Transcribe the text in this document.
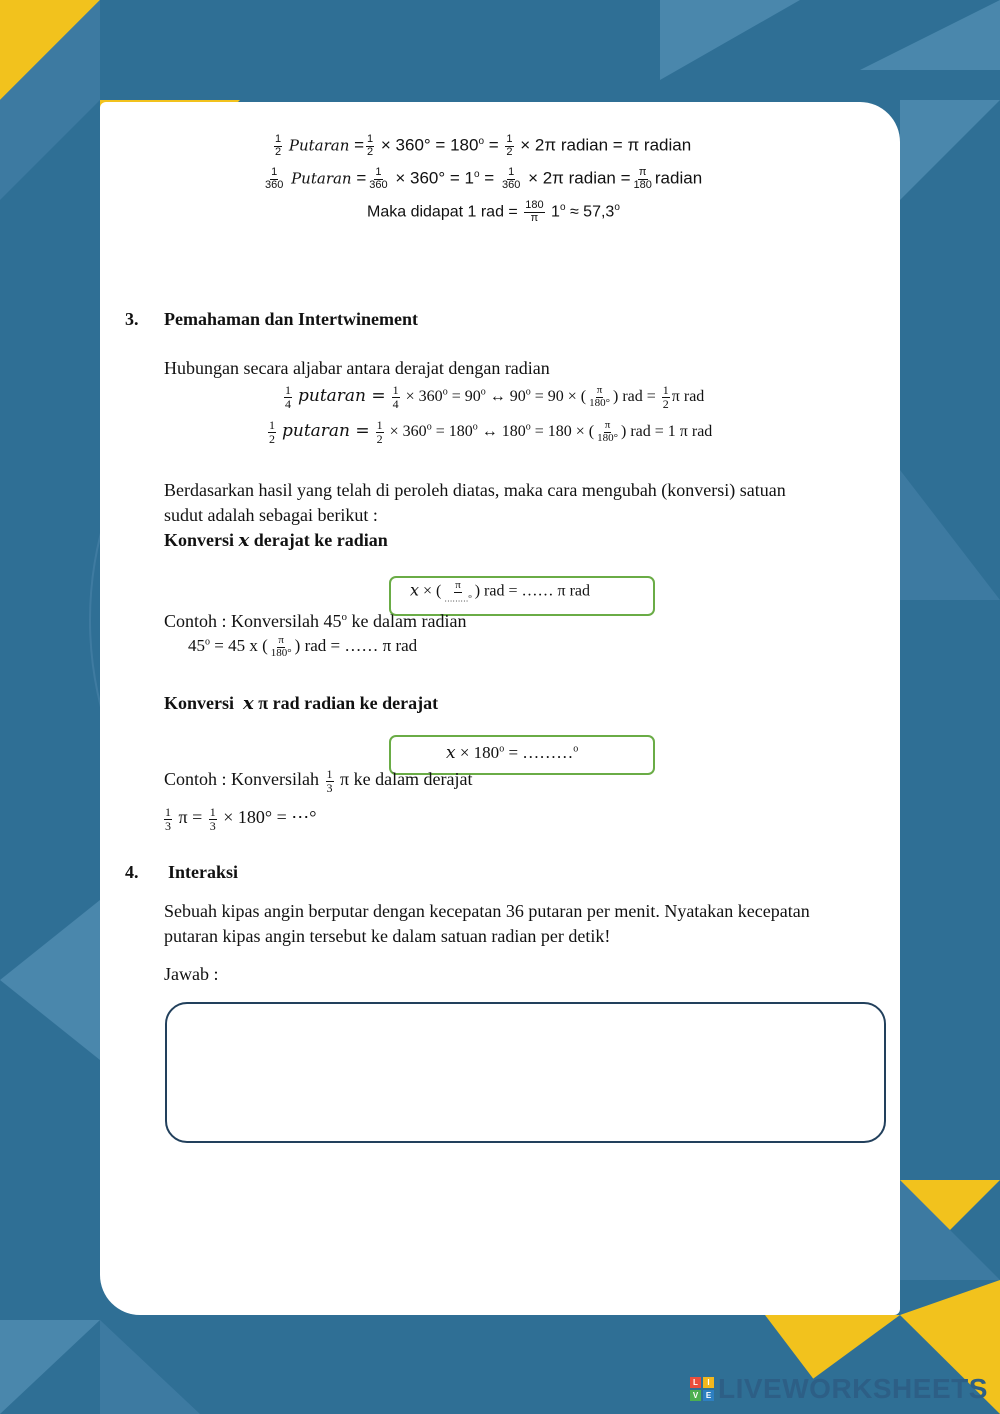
$\frac{1}{2}$ Putaran = $\frac{1}{2} \times 360^\circ = 180^o = \frac{1}{2} \times 2\pi$ radian = π radian
$\frac{1}{360}$ Putaran = $\frac{1}{360} \times 360^\circ = 1^o = \frac{1}{360} \times 2\pi$ radian = $\frac{\pi}{180}$ radian
Maka didapat 1 rad = $\frac{180}{\pi} 1^o \approx 57,3^o$
3. Pemahaman dan Intertwinement
Hubungan secara aljabar antara derajat dengan radian
$\frac{1}{4}$ putaran = $\frac{1}{4} \times 360^o = 90^o$ ↔ $90^o = 90$ × ( $\frac{\pi}{180^\circ}$ ) rad = $\frac{1}{2}$ π rad
$\frac{1}{2}$ putaran = $\frac{1}{2} \times 360^o = 180^o$ ↔ $180^o = 180$ × ( $\frac{\pi}{180^\circ}$ ) rad = 1 π rad
Berdasarkan hasil yang telah di peroleh diatas, maka cara mengubah (konversi) satuan
sudut adalah sebagai berikut :
Konversi x derajat ke radian
x × ( $\frac{\pi}{\dots\dots\dots^o}$ ) rad = …… π rad
Contoh : Konversilah 45$^o$ ke dalam radian
$45^o = 45$ x ( $\frac{\pi}{180^\circ}$ ) rad = …… π rad
Konversi x π rad radian ke derajat
$x \times 180^o$ = ………$^o$
Contoh : Konversilah $\frac{1}{3}$ π ke dalam derajat
$\frac{1}{3}$ $\pi = \frac{1}{3} \times 180^\circ$ = ⋯°
4. Interaksi
Sebuah kipas angin berputar dengan kecepatan 36 putaran per menit. Nyatakan kecepatan
putaran kipas angin tersebut ke dalam satuan radian per detik!
Jawab :
L	I
V E LIVEWORKSHEETS
